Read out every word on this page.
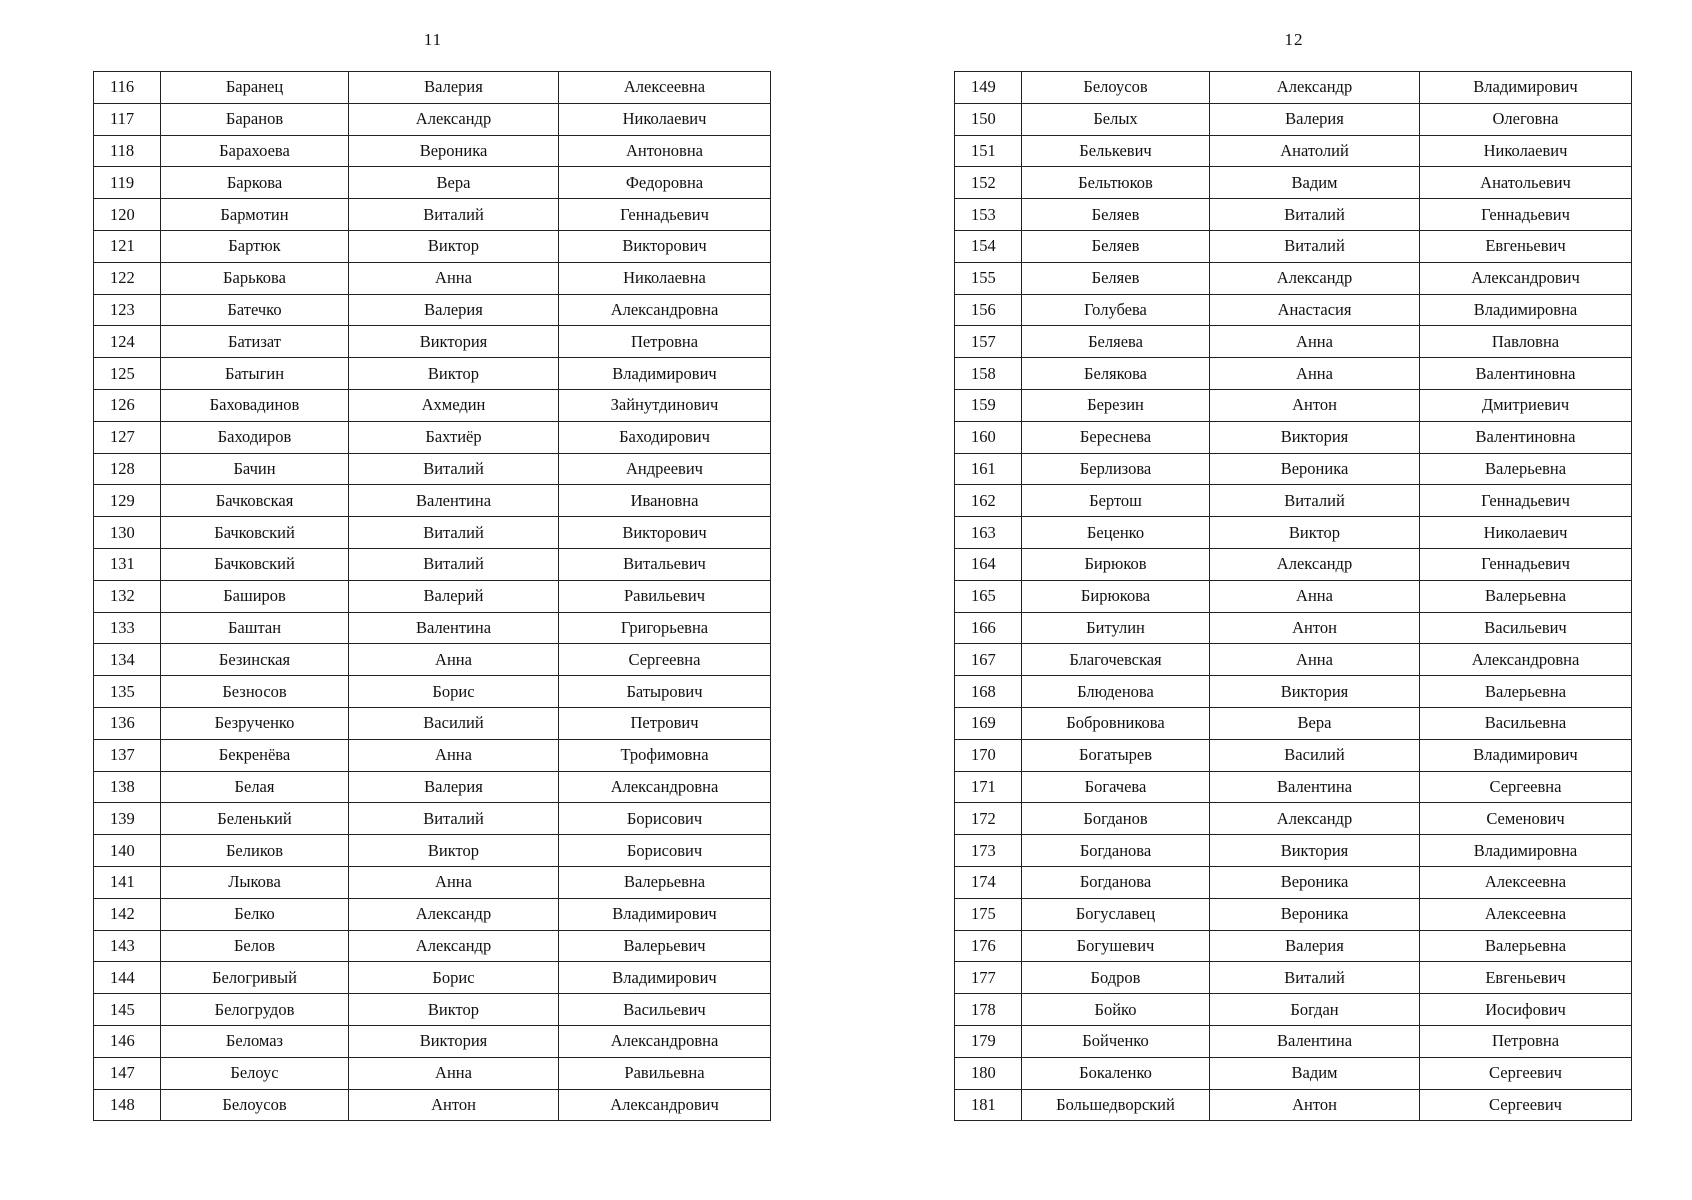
11
116	Баранец	Валерия	Алексеевна
117	Баранов	Александр	Николаевич
118	Барахоева	Вероника	Антоновна
119	Баркова	Вера	Федоровна
120	Бармотин	Виталий	Геннадьевич
121	Бартюк	Виктор	Викторович
122	Барькова	Анна	Николаевна
123	Батечко	Валерия	Александровна
124	Батизат	Виктория	Петровна
125	Батыгин	Виктор	Владимирович
126	Баховадинов	Ахмедин	Зайнутдинович
127	Баходиров	Бахтиёр	Баходирович
128	Бачин	Виталий	Андреевич
129	Бачковская	Валентина	Ивановна
130	Бачковский	Виталий	Викторович
131	Бачковский	Виталий	Витальевич
132	Баширов	Валерий	Равильевич
133	Баштан	Валентина	Григорьевна
134	Безинская	Анна	Сергеевна
135	Безносов	Борис	Батырович
136	Безрученко	Василий	Петрович
137	Бекренёва	Анна	Трофимовна
138	Белая	Валерия	Александровна
139	Беленький	Виталий	Борисович
140	Беликов	Виктор	Борисович
141	Лыкова	Анна	Валерьевна
142	Белко	Александр	Владимирович
143	Белов	Александр	Валерьевич
144	Белогривый	Борис	Владимирович
145	Белогрудов	Виктор	Васильевич
146	Беломаз	Виктория	Александровна
147	Белоус	Анна	Равильевна
148	Белоусов	Антон	Александрович
12
149	Белоусов	Александр	Владимирович
150	Белых	Валерия	Олеговна
151	Белькевич	Анатолий	Николаевич
152	Бельтюков	Вадим	Анатольевич
153	Беляев	Виталий	Геннадьевич
154	Беляев	Виталий	Евгеньевич
155	Беляев	Александр	Александрович
156	Голубева	Анастасия	Владимировна
157	Беляева	Анна	Павловна
158	Белякова	Анна	Валентиновна
159	Березин	Антон	Дмитриевич
160	Береснева	Виктория	Валентиновна
161	Берлизова	Вероника	Валерьевна
162	Бертош	Виталий	Геннадьевич
163	Беценко	Виктор	Николаевич
164	Бирюков	Александр	Геннадьевич
165	Бирюкова	Анна	Валерьевна
166	Битулин	Антон	Васильевич
167	Благочевская	Анна	Александровна
168	Блюденова	Виктория	Валерьевна
169	Бобровникова	Вера	Васильевна
170	Богатырев	Василий	Владимирович
171	Богачева	Валентина	Сергеевна
172	Богданов	Александр	Семенович
173	Богданова	Виктория	Владимировна
174	Богданова	Вероника	Алексеевна
175	Богуславец	Вероника	Алексеевна
176	Богушевич	Валерия	Валерьевна
177	Бодров	Виталий	Евгеньевич
178	Бойко	Богдан	Иосифович
179	Бойченко	Валентина	Петровна
180	Бокаленко	Вадим	Сергеевич
181	Большедворский	Антон	Сергеевич
